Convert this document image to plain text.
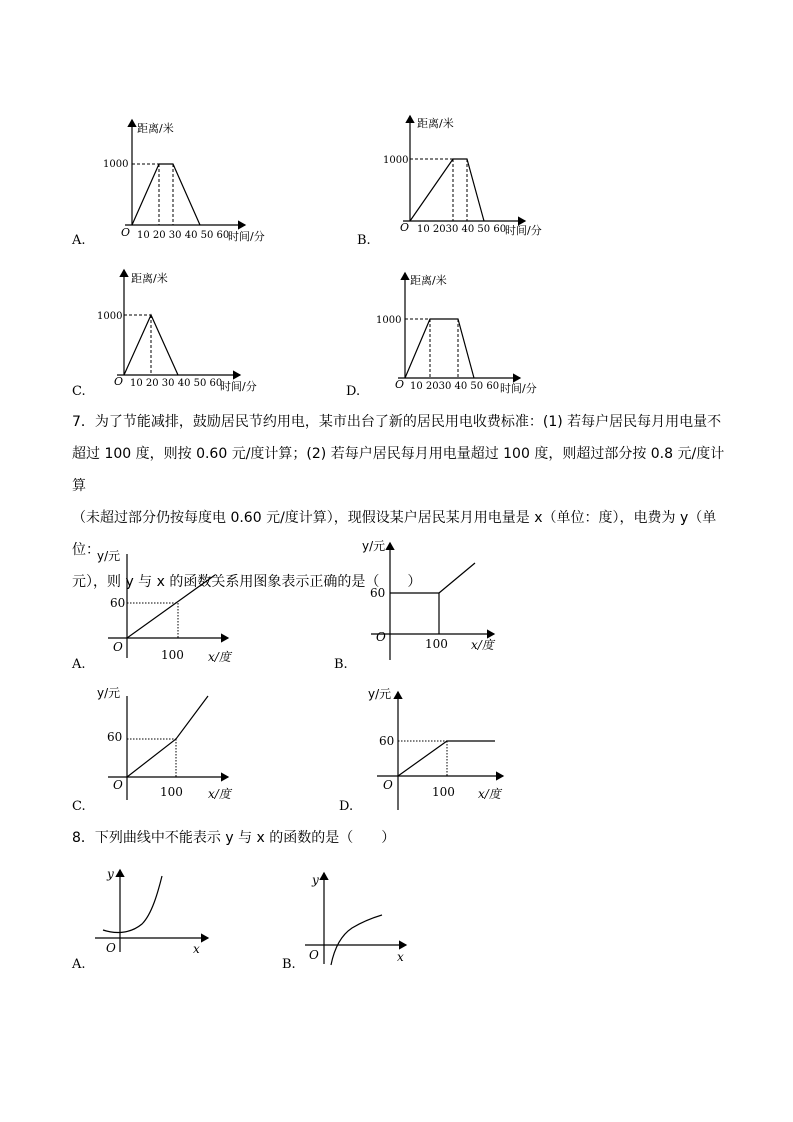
距离/米
1000
O 10 20 30 40 50 60
时间/分
A.
距离/米
1000
O 10 2030 40 50 60
时间/分
B.
距离/米
1000
O 10 20 30 40 50 60
时间/分
C.
距离/米
1000
O 10 2030 40 50 60 时间/分
D.
7．为了节能减排，鼓励居民节约用电，某市出台了新的居民用电收费标准：(1) 若每户居民每月用电量不
超过 100 度，则按 0.60 元/度计算；(2) 若每户居民每月用电量超过 100 度，则超过部分按 0.8 元/度计算
（未超过部分仍按每度电 0.60 元/度计算），现假设某户居民某月用电量是 x（单位：度），电费为 y（单位：
元），则 y 与 x 的函数关系用图象表示正确的是（　　）
y/元
60
O
100 x/度
A.
y/元
60
O	100 x/度
B.
y/元
60
O	100 x/度
C.
y/元
60
O	100 x/度
D.
8．下列曲线中不能表示 y 与 x 的函数的是（　　）
y
O	x
A.
y
O	x
B.
